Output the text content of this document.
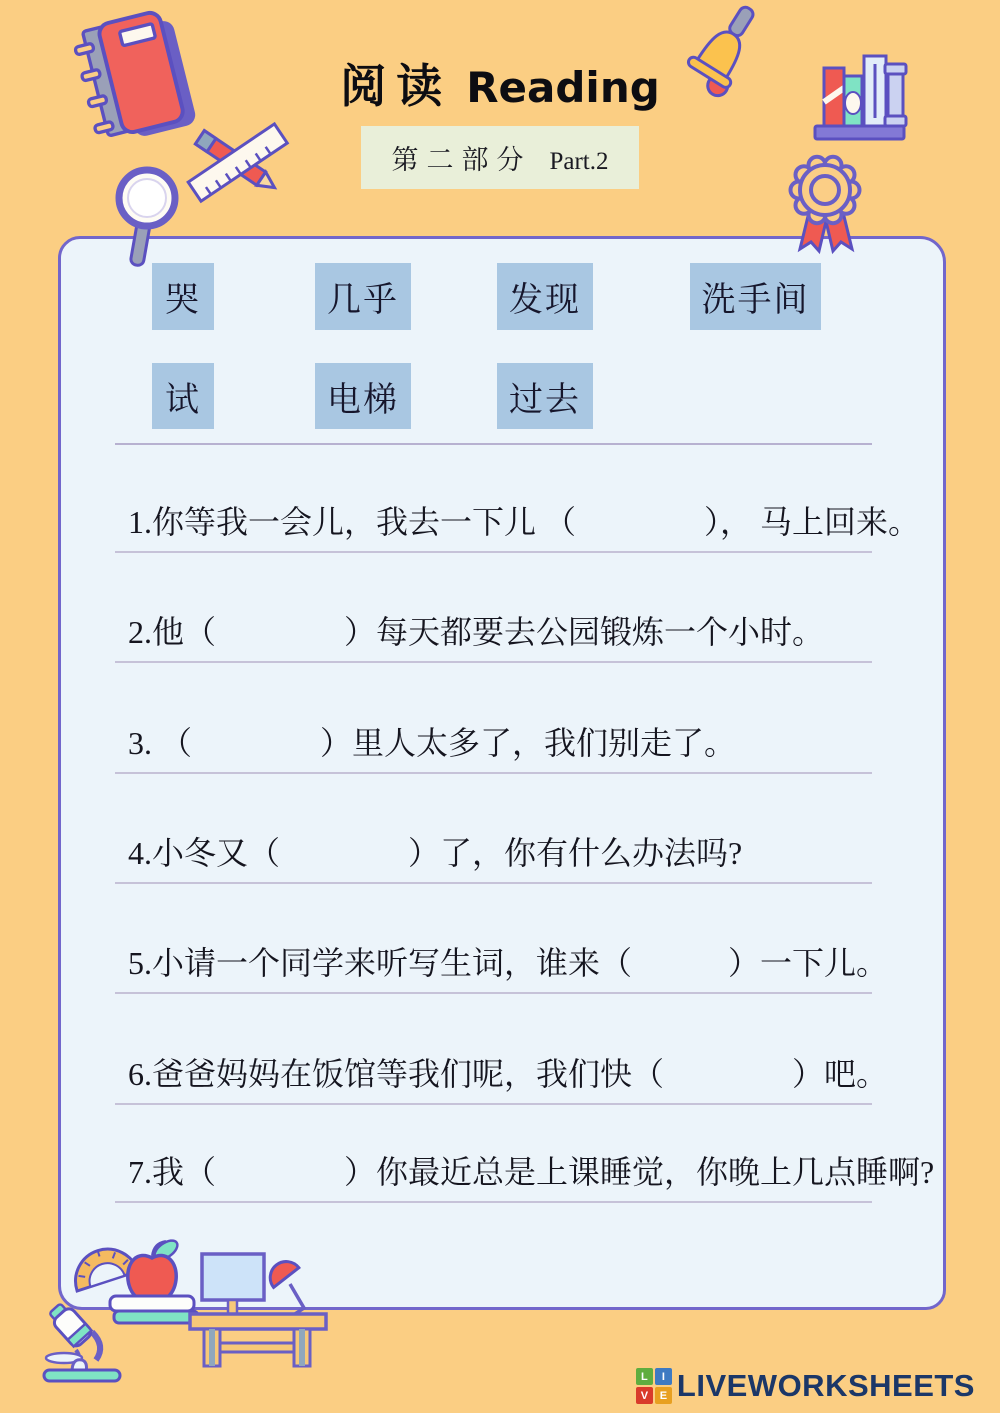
阅读 Reading
第二部分 Part.2
哭	几乎	发现	洗手间
试	电梯	过去

1.你等我一会儿，我去一下儿 （　　　　）， 马上回来。

2.他（　　　　）每天都要去公园锻炼一个小时。

3. （　　　　）里人太多了，我们别走了。

4.小冬又（　　　　）了，你有什么办法吗?

5.小请一个同学来听写生词，谁来（　　　）一下儿。

6.爸爸妈妈在饭馆等我们呢，我们快（　　　　）吧。

7.我（　　　　）你最近总是上课睡觉，你晚上几点睡啊?

L	I
V	E LIVEWORKSHEETS
